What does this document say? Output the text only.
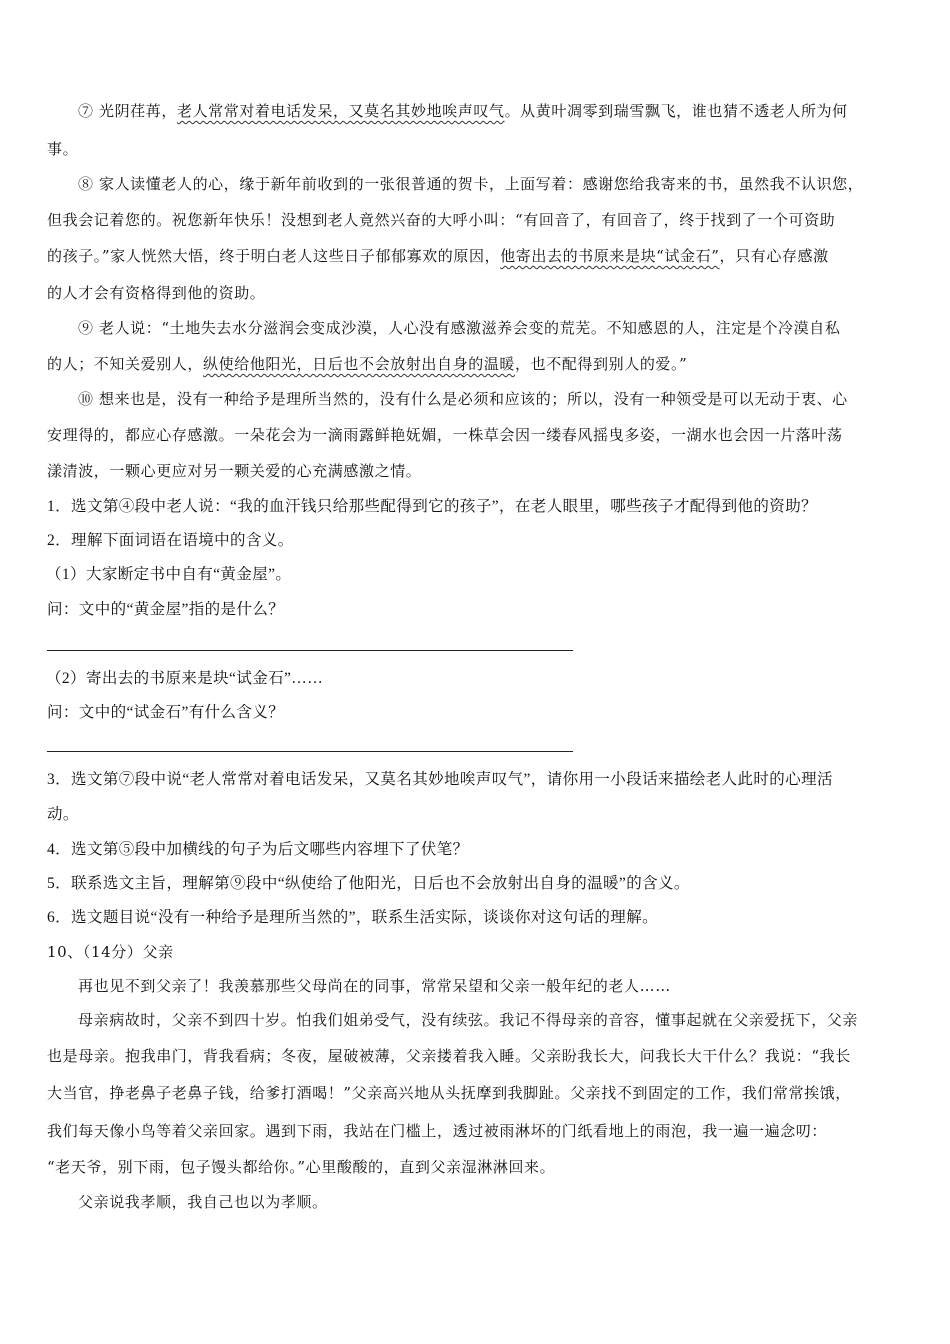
⑦ 光阴荏苒，老人常常对着电话发呆，又莫名其妙地唉声叹气。从黄叶凋零到瑞雪飘飞，谁也猜不透老人所为何
事。
⑧ 家人读懂老人的心，缘于新年前收到的一张很普通的贺卡，上面写着：感谢您给我寄来的书，虽然我不认识您，
但我会记着您的。祝您新年快乐！没想到老人竟然兴奋的大呼小叫：“有回音了，有回音了，终于找到了一个可资助
的孩子。”家人恍然大悟，终于明白老人这些日子郁郁寡欢的原因，他寄出去的书原来是块“试金石”，只有心存感激
的人才会有资格得到他的资助。
⑨ 老人说：“土地失去水分滋润会变成沙漠，人心没有感激滋养会变的荒芜。不知感恩的人，注定是个冷漠自私
的人；不知关爱别人，纵使给他阳光，日后也不会放射出自身的温暖，也不配得到别人的爱。”
⑩ 想来也是，没有一种给予是理所当然的，没有什么是必须和应该的；所以，没有一种领受是可以无动于衷、心
安理得的，都应心存感激。一朵花会为一滴雨露鲜艳妩媚，一株草会因一缕春风摇曳多姿，一湖水也会因一片落叶荡
漾清波，一颗心更应对另一颗关爱的心充满感激之情。
1．选文第④段中老人说：“我的血汗钱只给那些配得到它的孩子”，在老人眼里，哪些孩子才配得到他的资助？
2．理解下面词语在语境中的含义。
（1）大家断定书中自有“黄金屋”。
问：文中的“黄金屋”指的是什么？
（2）寄出去的书原来是块“试金石”……
问：文中的“试金石”有什么含义？
3．选文第⑦段中说“老人常常对着电话发呆，又莫名其妙地唉声叹气”，请你用一小段话来描绘老人此时的心理活
动。
4．选文第⑤段中加横线的句子为后文哪些内容埋下了伏笔？
5．联系选文主旨，理解第⑨段中“纵使给了他阳光，日后也不会放射出自身的温暖”的含义。
6．选文题目说“没有一种给予是理所当然的”，联系生活实际，谈谈你对这句话的理解。
10、（14分）父亲
再也见不到父亲了！我羡慕那些父母尚在的同事，常常呆望和父亲一般年纪的老人……
母亲病故时，父亲不到四十岁。怕我们姐弟受气，没有续弦。我记不得母亲的音容，懂事起就在父亲爱抚下，父亲
也是母亲。抱我串门，背我看病；冬夜，屋破被薄，父亲搂着我入睡。父亲盼我长大，问我长大干什么？我说：“我长
大当官，挣老鼻子老鼻子钱，给爹打酒喝！”父亲高兴地从头抚摩到我脚趾。父亲找不到固定的工作，我们常常挨饿，
我们每天像小鸟等着父亲回家。遇到下雨，我站在门槛上，透过被雨淋坏的门纸看地上的雨泡，我一遍一遍念叨：
“老天爷，别下雨，包子馒头都给你。”心里酸酸的，直到父亲湿淋淋回来。
父亲说我孝顺，我自己也以为孝顺。
